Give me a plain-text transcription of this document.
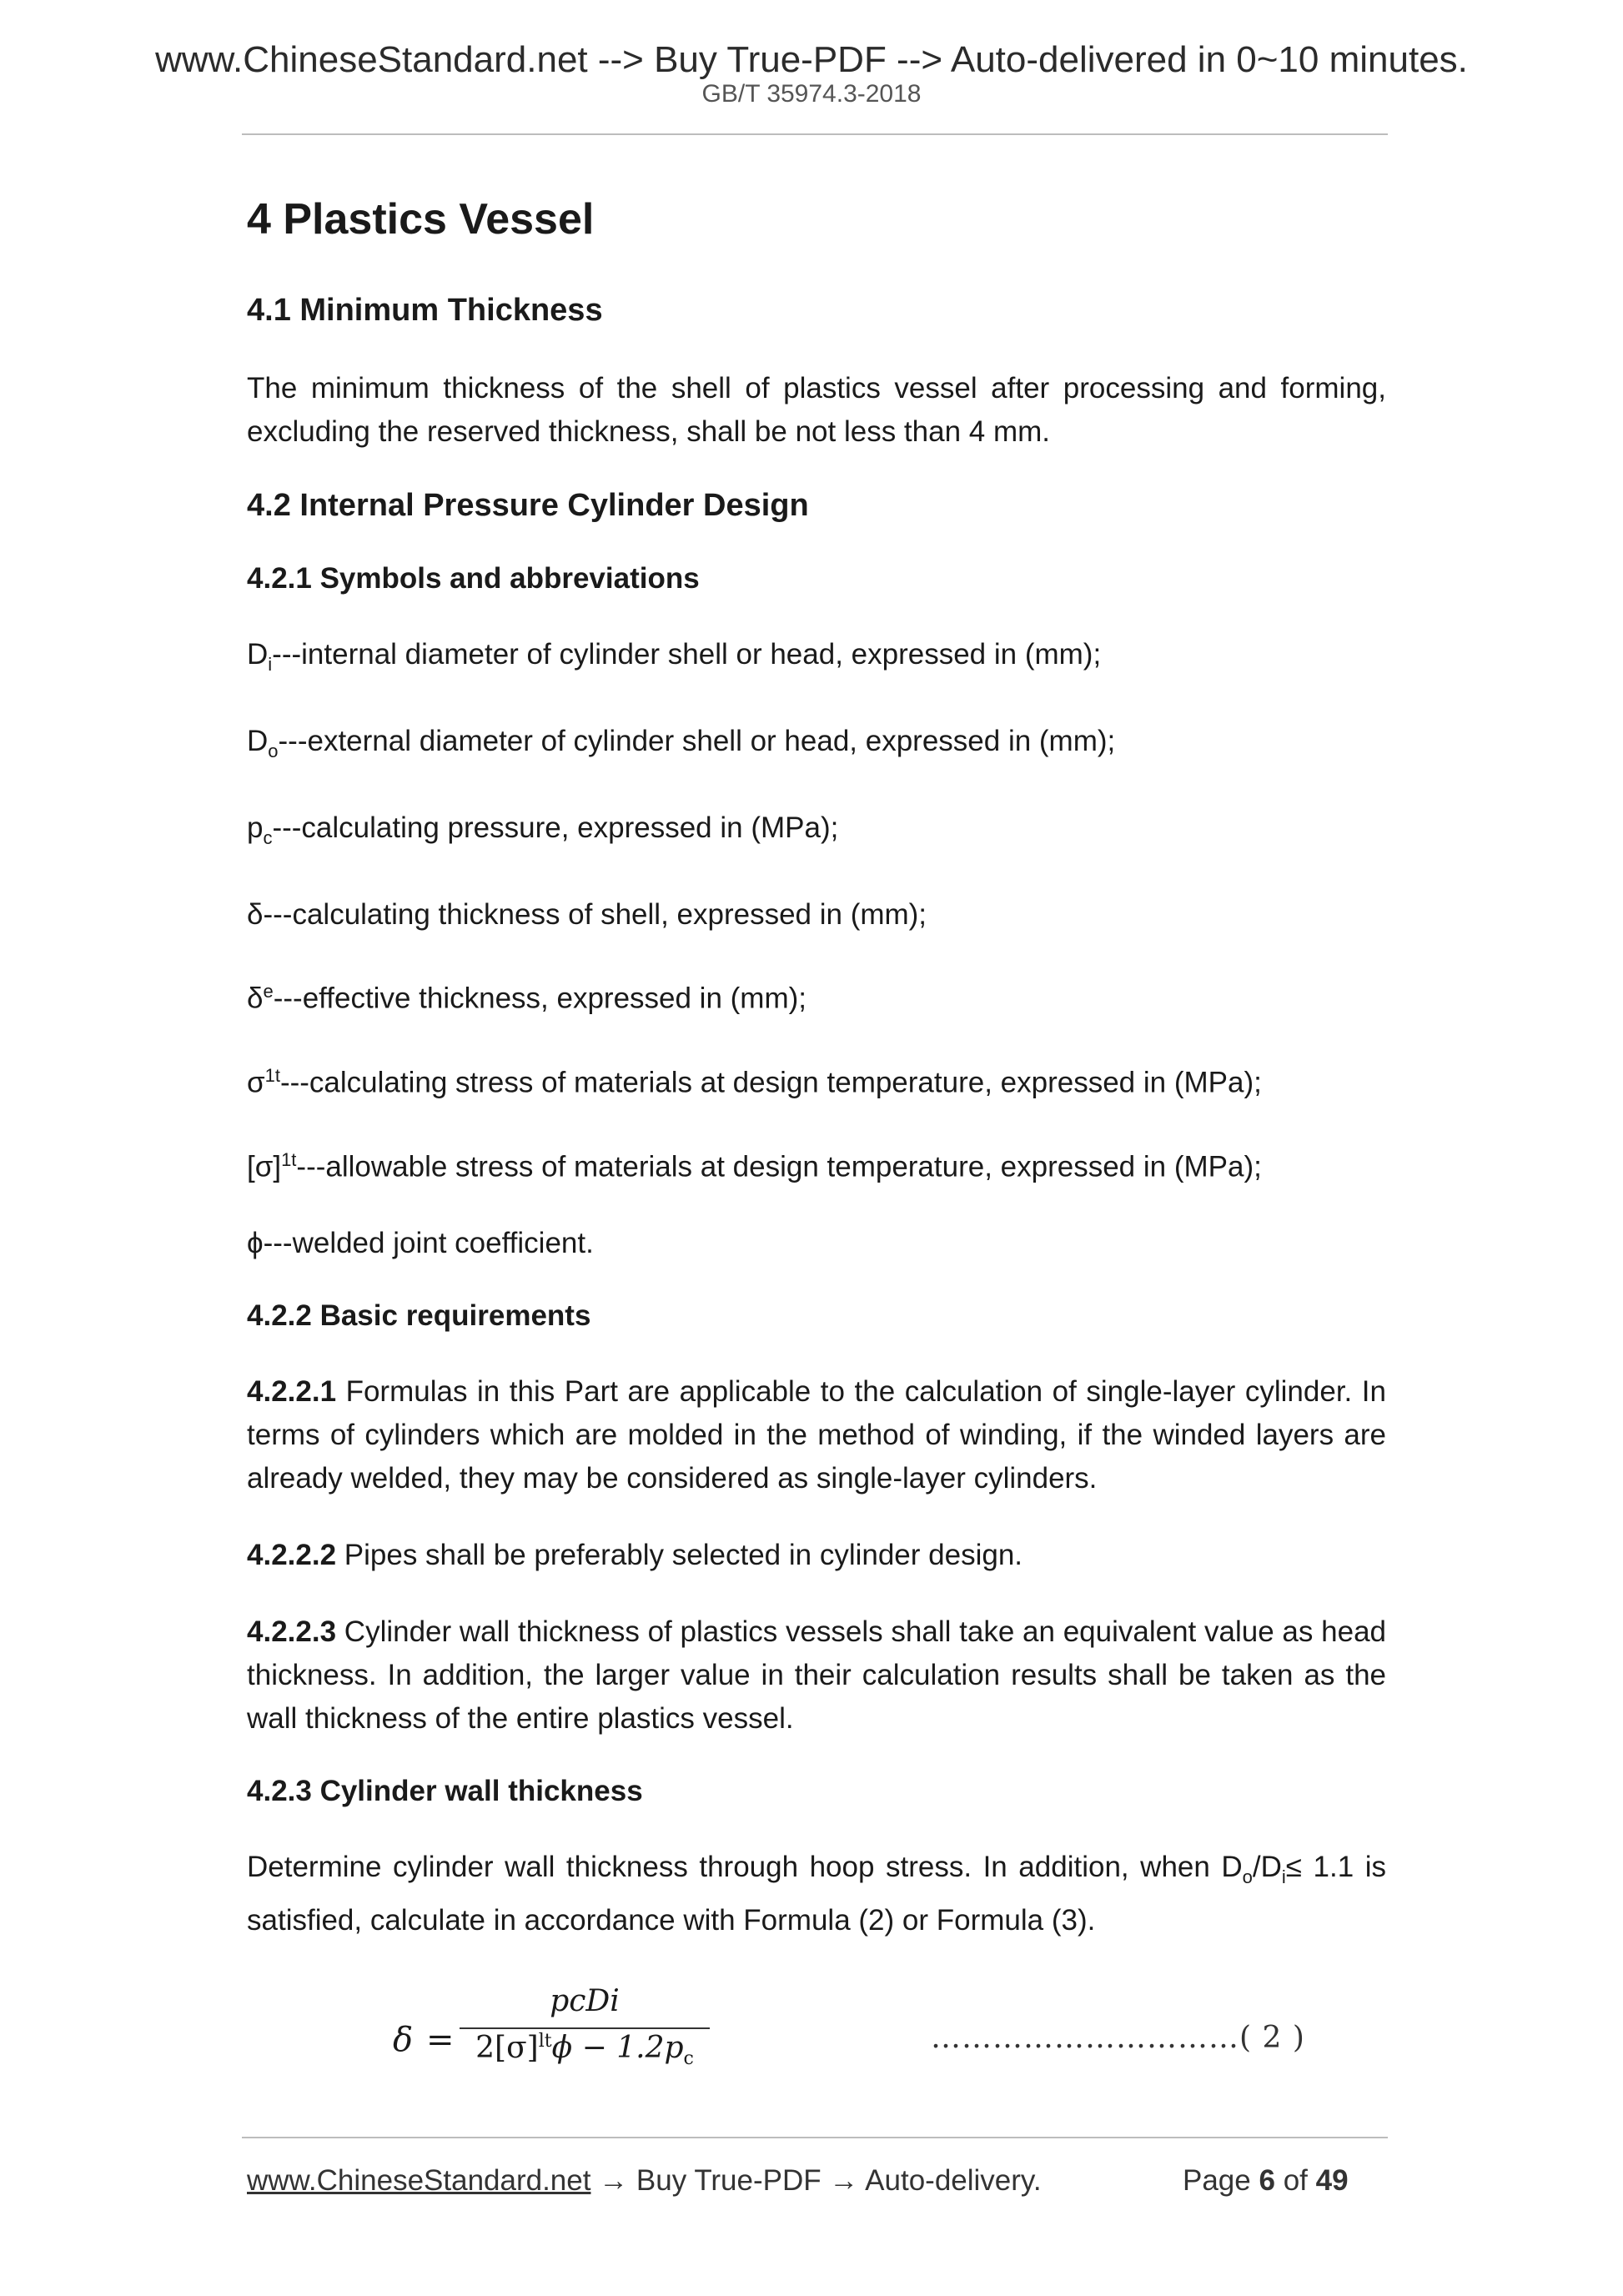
www.ChineseStandard.net --> Buy True-PDF --> Auto-delivered in 0~10 minutes.
GB/T 35974.3-2018
4 Plastics Vessel
4.1 Minimum Thickness

The minimum thickness of the shell of plastics vessel after processing and forming, excluding the reserved thickness, shall be not less than 4 mm.

4.2 Internal Pressure Cylinder Design
4.2.1 Symbols and abbreviations

$D_i--$-internal diameter of cylinder shell or head, expressed in (mm);

$D_o--$-external diameter of cylinder shell or head, expressed in (mm);

$p_c--$-calculating pressure, expressed in (MPa);

δ---calculating thickness of shell, expressed in (mm);

$\delta^e--$-effective thickness, expressed in (mm);

$\sigma^{1t}--$-calculating stress of materials at design temperature, expressed in (MPa);

$[\sigma]^{1t}--$-allowable stress of materials at design temperature, expressed in (MPa);

ϕ---welded joint coefficient.

4.2.2 Basic requirements

4.2.2.1 Formulas in this Part are applicable to the calculation of single-layer cylinder. In terms of cylinders which are molded in the method of winding, if the winded layers are already welded, they may be considered as single-layer cylinders.

4.2.2.2 Pipes shall be preferably selected in cylinder design.

4.2.2.3 Cylinder wall thickness of plastics vessels shall take an equivalent value as head thickness. In addition, the larger value in their calculation results shall be taken as the wall thickness of the entire plastics vessel.

4.2.3 Cylinder wall thickness

Determine cylinder wall thickness through hoop stress. In addition, when $D_o/D_i\le 1.1$ is satisfied, calculate in accordance with Formula (2) or Formula (3).

δ =
pcDi
$2[\sigma]^{lt}\phi - 1.2p_c$
…………………………( 2 )
www.ChineseStandard.net → Buy True-PDF → Auto-delivery.	Page 6 of 49
